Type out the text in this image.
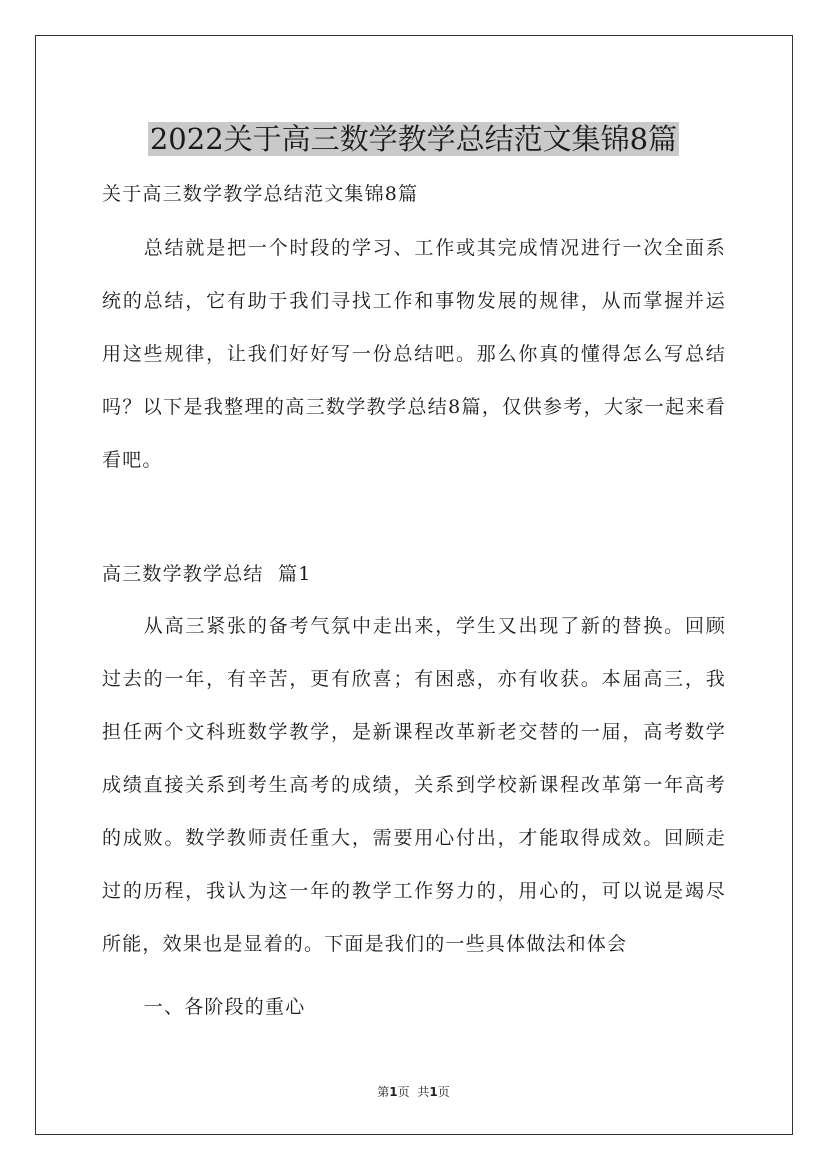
2022关于高三数学教学总结范文集锦8篇
关于高三数学教学总结范文集锦8篇

总结就是把一个时段的学习、工作或其完成情况进行一次全面系统的总结，它有助于我们寻找工作和事物发展的规律，从而掌握并运用这些规律，让我们好好写一份总结吧。那么你真的懂得怎么写总结吗？以下是我整理的高三数学教学总结8篇，仅供参考，大家一起来看看吧。

高三数学教学总结  篇1

从高三紧张的备考气氛中走出来，学生又出现了新的替换。回顾过去的一年，有辛苦，更有欣喜；有困惑，亦有收获。本届高三，我担任两个文科班数学教学，是新课程改革新老交替的一届，高考数学成绩直接关系到考生高考的成绩，关系到学校新课程改革第一年高考的成败。数学教师责任重大，需要用心付出，才能取得成效。回顾走过的历程，我认为这一年的教学工作努力的，用心的，可以说是竭尽所能，效果也是显着的。下面是我们的一些具体做法和体会

一、各阶段的重心
第1页 共1页
